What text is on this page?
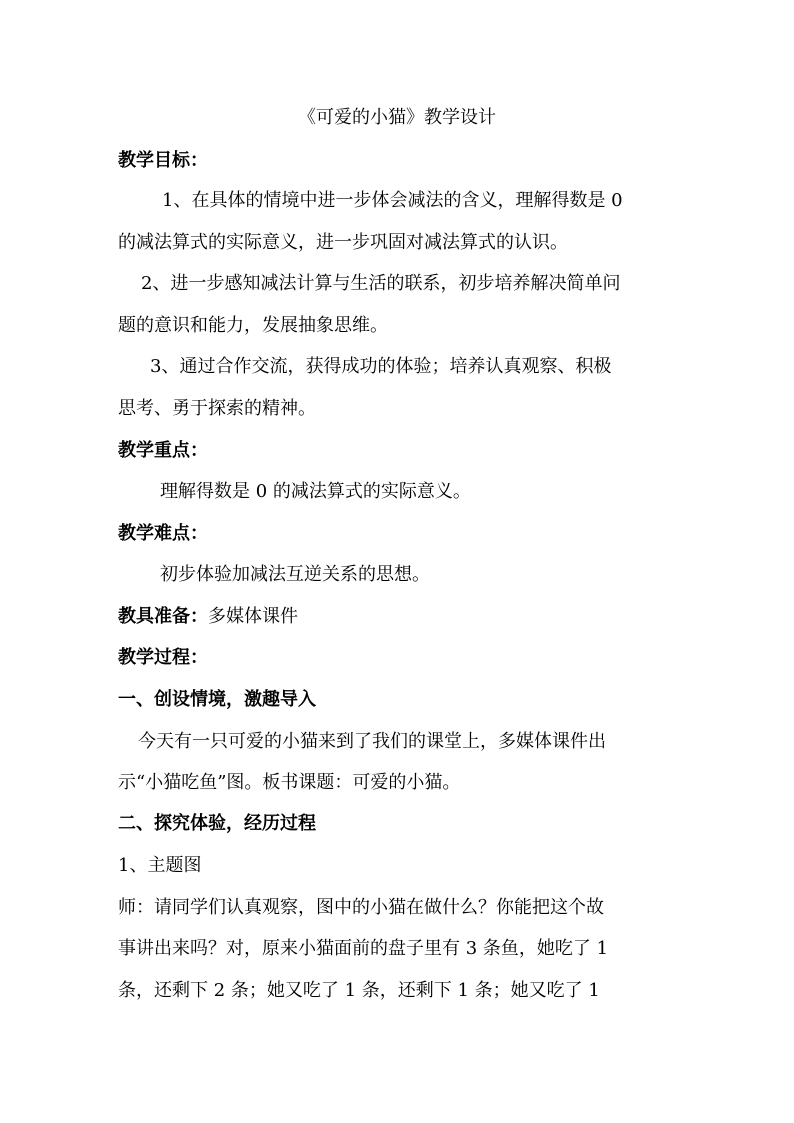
《可爱的小猫》教学设计
教学目标：
1、在具体的情境中进一步体会减法的含义，理解得数是 0
的减法算式的实际意义，进一步巩固对减法算式的认识。
2、进一步感知减法计算与生活的联系，初步培养解决简单问
题的意识和能力，发展抽象思维。
3、通过合作交流，获得成功的体验；培养认真观察、积极
思考、勇于探索的精神。
教学重点：
理解得数是 0 的减法算式的实际意义。
教学难点：
初步体验加减法互逆关系的思想。
教具准备：多媒体课件
教学过程：
一、创设情境，激趣导入
今天有一只可爱的小猫来到了我们的课堂上，多媒体课件出
示“小猫吃鱼”图。板书课题：可爱的小猫。
二、探究体验，经历过程
1、主题图
师：请同学们认真观察，图中的小猫在做什么？你能把这个故
事讲出来吗？对，原来小猫面前的盘子里有 3 条鱼，她吃了 1
条，还剩下 2 条；她又吃了 1 条，还剩下 1 条；她又吃了 1
